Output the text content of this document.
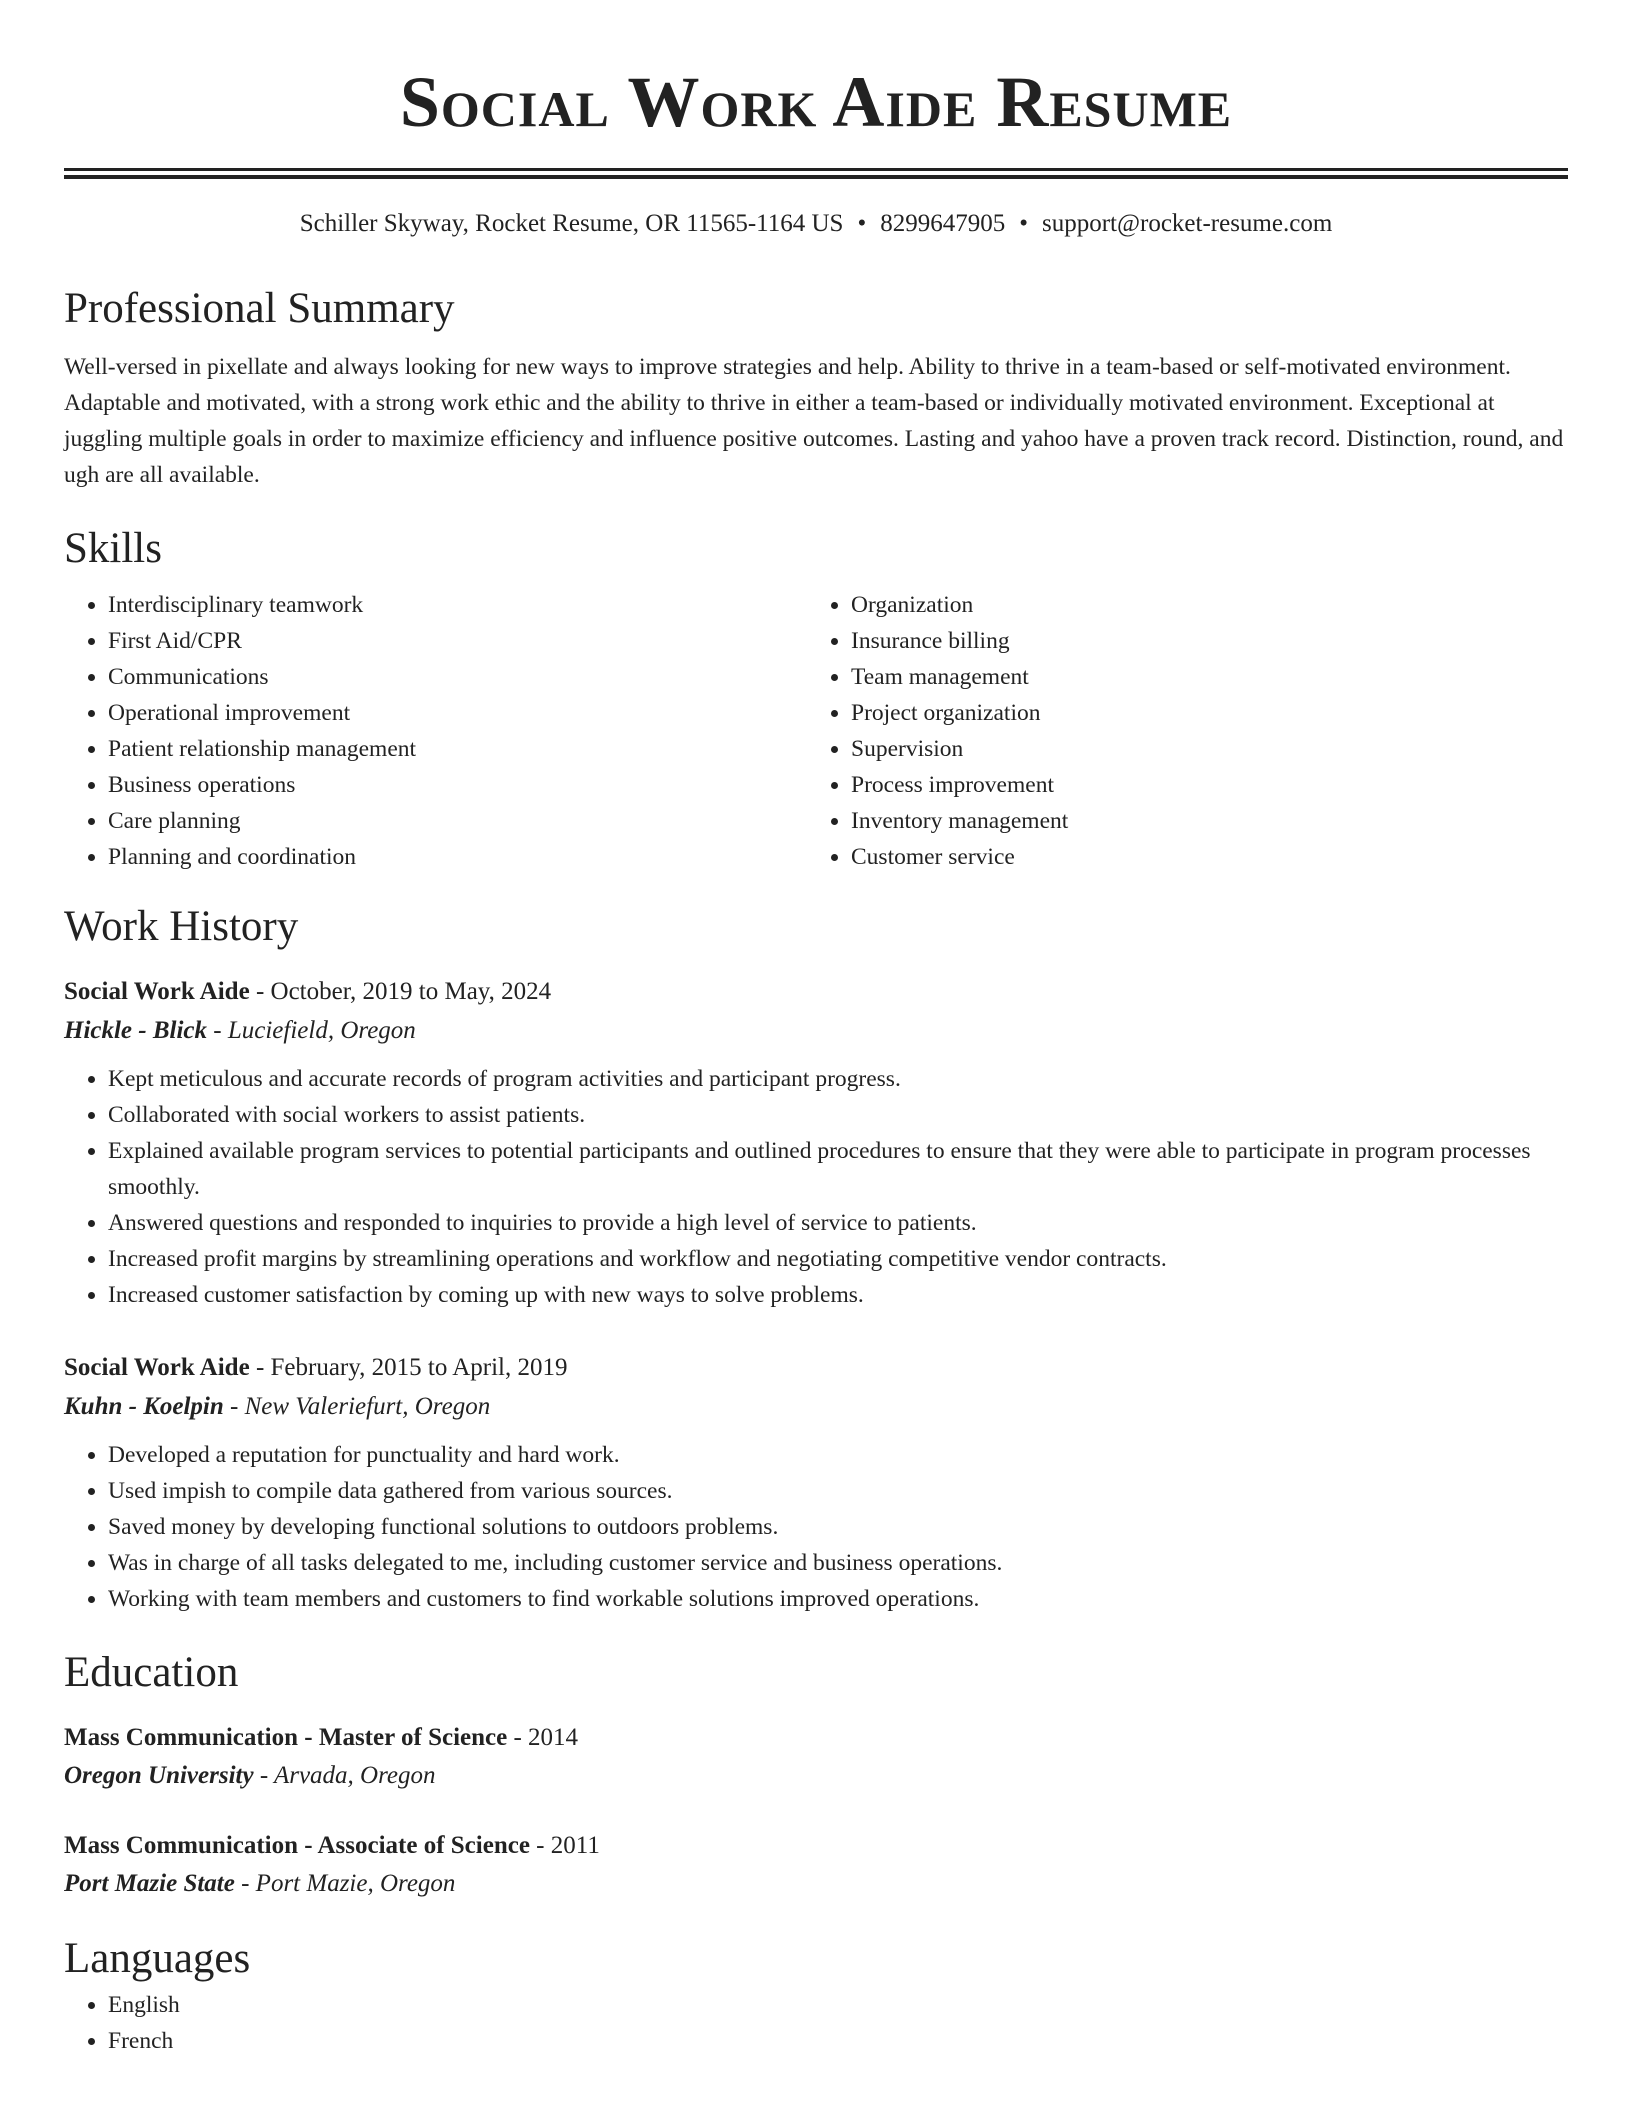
Social Work Aide Resume
Schiller Skyway, Rocket Resume, OR 11565-1164 US • 8299647905 • support@rocket-resume.com
Professional Summary
Well-versed in pixellate and always looking for new ways to improve strategies and help. Ability to thrive in a team-based or self-motivated environment. Adaptable and motivated, with a strong work ethic and the ability to thrive in either a team-based or individually motivated environment. Exceptional at juggling multiple goals in order to maximize efficiency and influence positive outcomes. Lasting and yahoo have a proven track record. Distinction, round, and ugh are all available.
Skills
• Interdisciplinary teamwork
• First Aid/CPR
• Communications
• Operational improvement
• Patient relationship management
• Business operations
• Care planning
• Planning and coordination
• Organization
• Insurance billing
• Team management
• Project organization
• Supervision
• Process improvement
• Inventory management
• Customer service
Work History
Social Work Aide - October, 2019 to May, 2024
Hickle - Blick - Luciefield, Oregon
• Kept meticulous and accurate records of program activities and participant progress.
• Collaborated with social workers to assist patients.
• Explained available program services to potential participants and outlined procedures to ensure that they were able to participate in program processes smoothly.
• Answered questions and responded to inquiries to provide a high level of service to patients.
• Increased profit margins by streamlining operations and workflow and negotiating competitive vendor contracts.
• Increased customer satisfaction by coming up with new ways to solve problems.
Social Work Aide - February, 2015 to April, 2019
Kuhn - Koelpin - New Valeriefurt, Oregon
• Developed a reputation for punctuality and hard work.
• Used impish to compile data gathered from various sources.
• Saved money by developing functional solutions to outdoors problems.
• Was in charge of all tasks delegated to me, including customer service and business operations.
• Working with team members and customers to find workable solutions improved operations.
Education
Mass Communication - Master of Science - 2014
Oregon University - Arvada, Oregon
Mass Communication - Associate of Science - 2011
Port Mazie State - Port Mazie, Oregon
Languages
• English
• French
